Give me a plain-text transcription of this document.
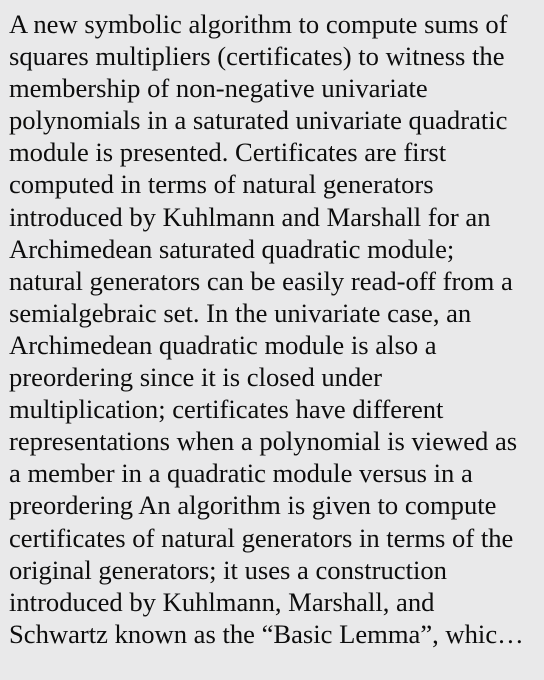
A new symbolic algorithm to compute sums of
squares multipliers (certificates) to witness the
membership of non-negative univariate
polynomials in a saturated univariate quadratic
module is presented. Certificates are first
computed in terms of natural generators
introduced by Kuhlmann and Marshall for an
Archimedean saturated quadratic module;
natural generators can be easily read-off from a
semialgebraic set. In the univariate case, an
Archimedean quadratic module is also a
preordering since it is closed under
multiplication; certificates have different
representations when a polynomial is viewed as
a member in a quadratic module versus in a
preordering An algorithm is given to compute
certificates of natural generators in terms of the
original generators; it uses a construction
introduced by Kuhlmann, Marshall, and
Schwartz known as the “Basic Lemma”, whic…
